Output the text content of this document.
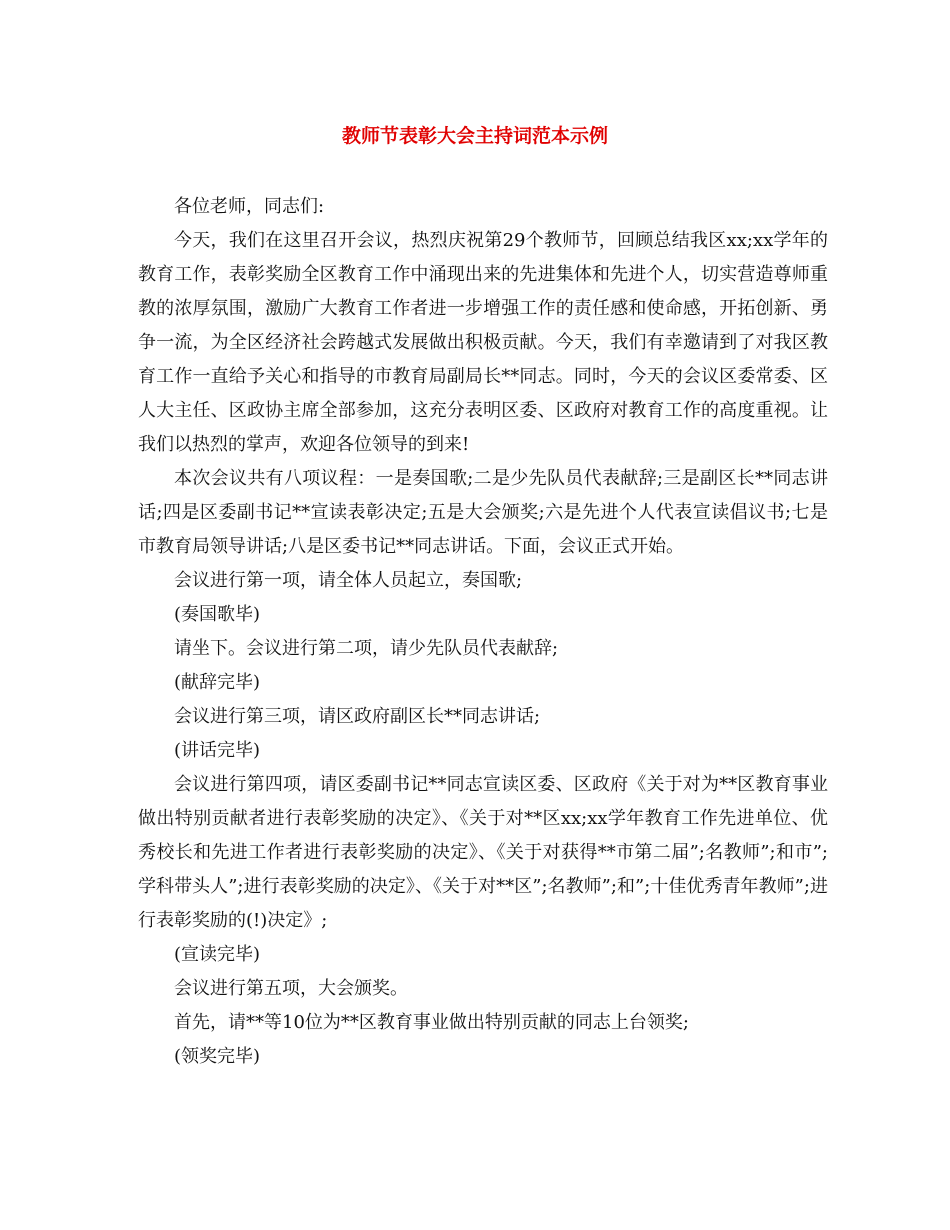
教师节表彰大会主持词范本示例

各位老师，同志们:

今天，我们在这里召开会议，热烈庆祝第29个教师节，回顾总结我区xx;xx学年的教育工作，表彰奖励全区教育工作中涌现出来的先进集体和先进个人，切实营造尊师重教的浓厚氛围，激励广大教育工作者进一步增强工作的责任感和使命感，开拓创新、勇争一流，为全区经济社会跨越式发展做出积极贡献。今天，我们有幸邀请到了对我区教育工作一直给予关心和指导的市教育局副局长**同志。同时，今天的会议区委常委、区人大主任、区政协主席全部参加，这充分表明区委、区政府对教育工作的高度重视。让我们以热烈的掌声，欢迎各位领导的到来!

本次会议共有八项议程：一是奏国歌;二是少先队员代表献辞;三是副区长**同志讲话;四是区委副书记**宣读表彰决定;五是大会颁奖;六是先进个人代表宣读倡议书;七是市教育局领导讲话;八是区委书记**同志讲话。下面，会议正式开始。

会议进行第一项，请全体人员起立，奏国歌;

(奏国歌毕)

请坐下。会议进行第二项，请少先队员代表献辞;

(献辞完毕)

会议进行第三项，请区政府副区长**同志讲话;

(讲话完毕)

会议进行第四项，请区委副书记**同志宣读区委、区政府《关于对为**区教育事业做出特别贡献者进行表彰奖励的决定》、《关于对**区xx;xx学年教育工作先进单位、优秀校长和先进工作者进行表彰奖励的决定》、《关于对获得**市第二届”;名教师”;和市”;学科带头人”;进行表彰奖励的决定》、《关于对**区”;名教师”;和”;十佳优秀青年教师”;进行表彰奖励的(!)决定》;

(宣读完毕)

会议进行第五项，大会颁奖。

首先，请**等10位为**区教育事业做出特别贡献的同志上台领奖;

(领奖完毕)
